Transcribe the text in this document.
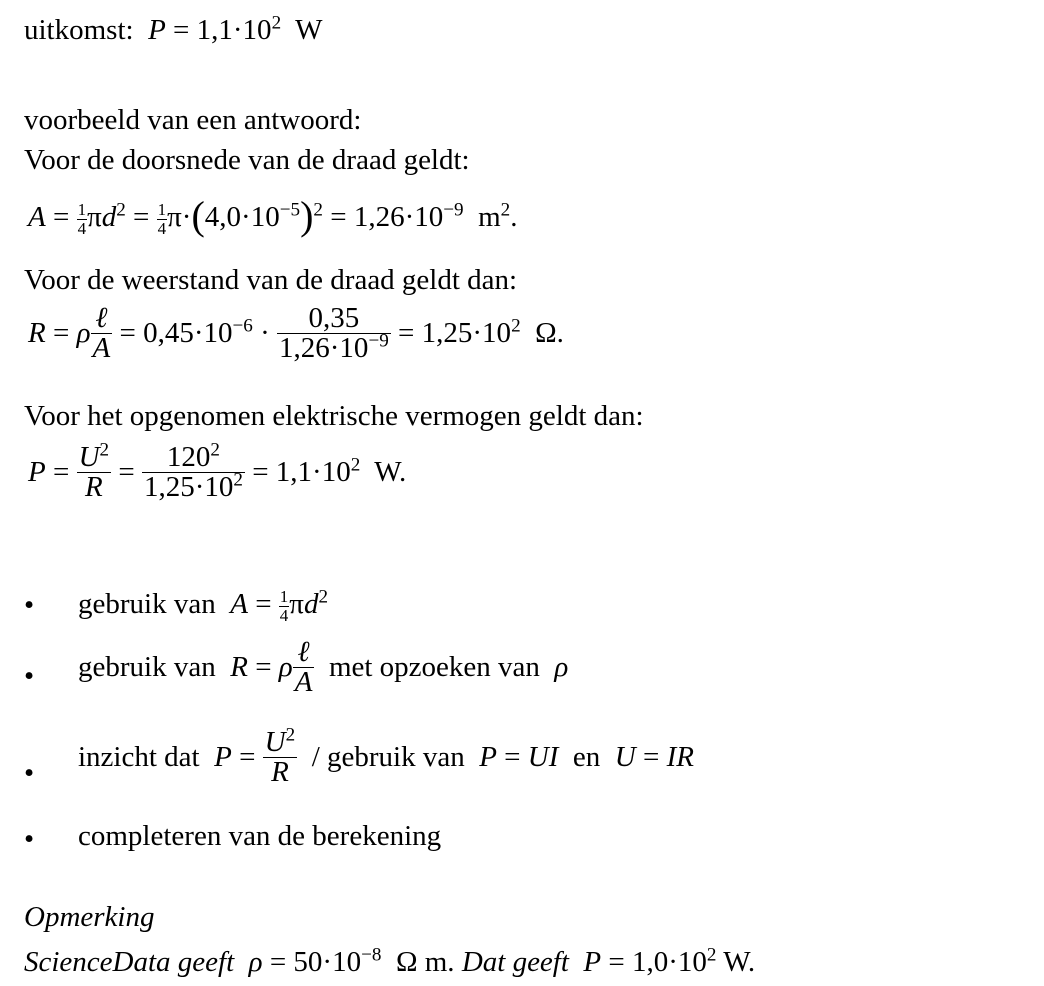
uitkomst: $P = 1,1\cdot 10^2$  W
voorbeeld van een antwoord:
Voor de doorsnede van de draad geldt:
$A = \frac{1}{4} \pi d^2 = \frac{1}{4} \pi\cdot(4,0\cdot 10^{-5})^2 = 1,26\cdot 10^{-9}$  $m^2$.
Voor de weerstand van de draad geldt dan:
R = ρ $\frac{\text{ℓ}}{A} = 0,45\cdot 10^{-6} \cdot \frac{0,35}{1,26\cdot 10^{-9}} = 1,25\cdot 10^2$  Ω.
Voor het opgenomen elektrische vermogen geldt dan:
$P = \frac{U^2}{R} = \frac{120^2}{1,25\cdot 10^2} = 1,1\cdot 10^2$  W.
• gebruik van $A = \frac{1}{4} \pi d^2$
• gebruik van R = ρ $\frac{\text{ℓ}}{A}$ met opzoeken van ρ
• inzicht dat $P = \frac{U^2}{R}$ / gebruik van P = UI en U = IR
• completeren van de berekening
Opmerking
ScienceData geeft $\rho = 50\cdot 10^{-8}$  Ω m. Dat geeft $P = 1,0\cdot 10^2$ W.
